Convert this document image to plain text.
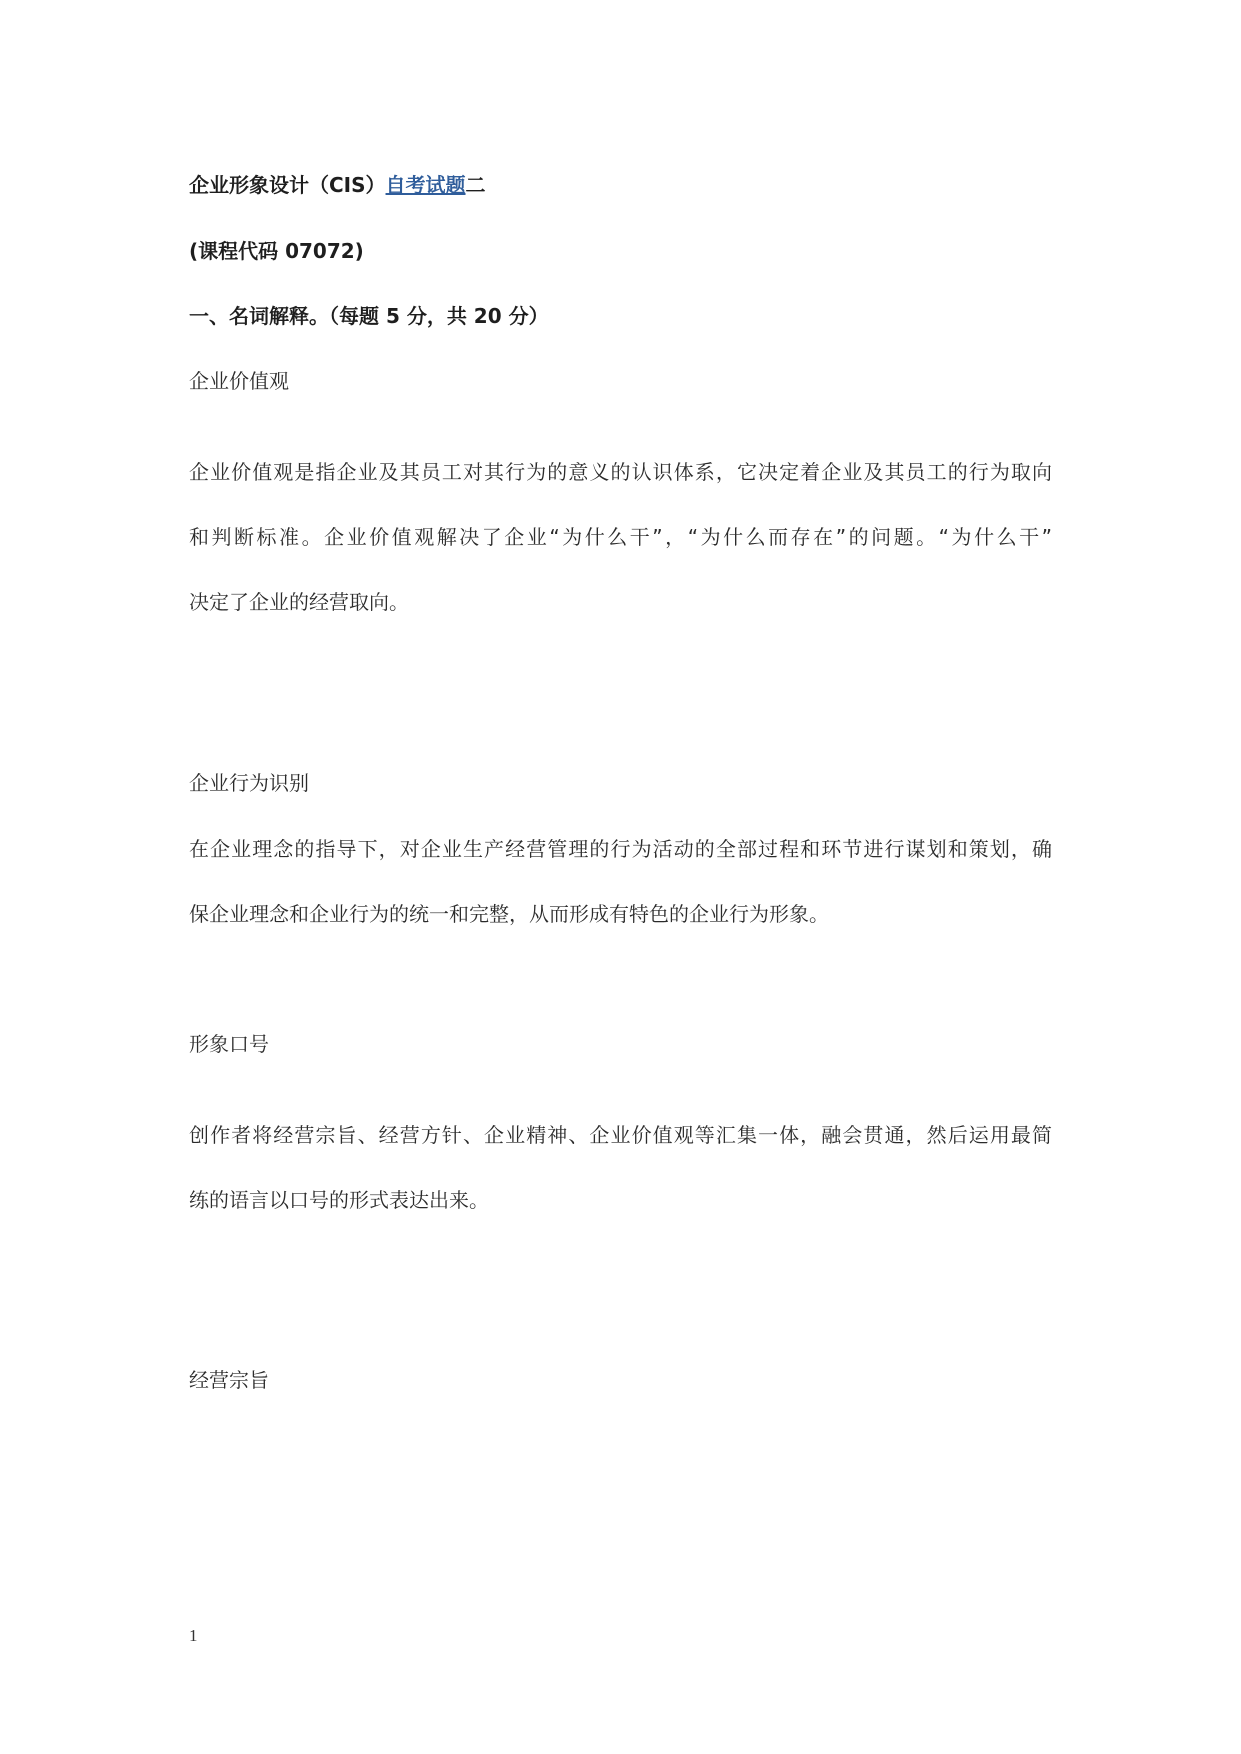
企业形象设计（CIS）自考试题二
(课程代码 07072)
一、名词解释。（每题 5 分，共 20 分）
企业价值观
企业价值观是指企业及其员工对其行为的意义的认识体系，它决定着企业及其员工的行为取向
和判断标准。企业价值观解决了企业“为什么干”，“为什么而存在”的问题。“为什么干”
决定了企业的经营取向。
企业行为识别
在企业理念的指导下，对企业生产经营管理的行为活动的全部过程和环节进行谋划和策划，确
保企业理念和企业行为的统一和完整，从而形成有特色的企业行为形象。
形象口号
创作者将经营宗旨、经营方针、企业精神、企业价值观等汇集一体，融会贯通，然后运用最简
练的语言以口号的形式表达出来。
经营宗旨
1
